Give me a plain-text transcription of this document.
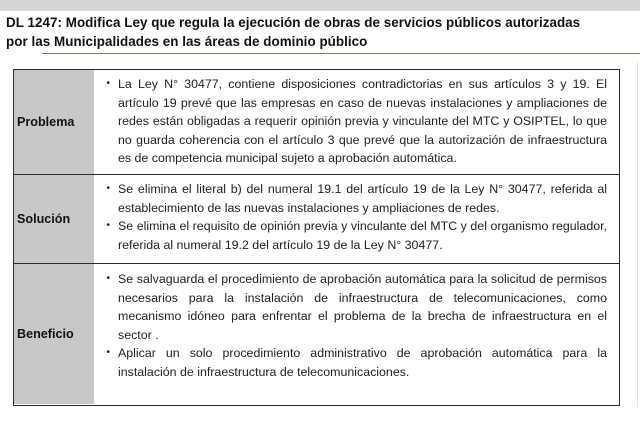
DL 1247: Modifica Ley que regula la ejecución de obras de servicios públicos autorizadas
por las Municipalidades en las áreas de dominio público
Problema
• La Ley N° 30477, contiene disposiciones contradictorias en sus artículos 3 y 19. El artículo 19 prevé que las empresas en caso de nuevas instalaciones y ampliaciones de redes están obligadas a requerir opinión previa y vinculante del MTC y OSIPTEL, lo que no guarda coherencia con el artículo 3 que prevé que la autorización de infraestructura es de competencia municipal sujeto a aprobación automática.
Solución
• Se elimina el literal b) del numeral 19.1 del artículo 19 de la Ley N° 30477, referida al establecimiento de las nuevas instalaciones y ampliaciones de redes.
• Se elimina el requisito de opinión previa y vinculante del MTC y del organismo regulador, referida al numeral 19.2 del artículo 19 de la Ley N° 30477.
Beneficio
• Se salvaguarda el procedimiento de aprobación automática para la solicitud de permisos necesarios para la instalación de infraestructura de telecomunicaciones, como mecanismo idóneo para enfrentar el problema de la brecha de infraestructura en el sector .
• Aplicar un solo procedimiento administrativo de aprobación automática para la instalación de infraestructura de telecomunicaciones.
